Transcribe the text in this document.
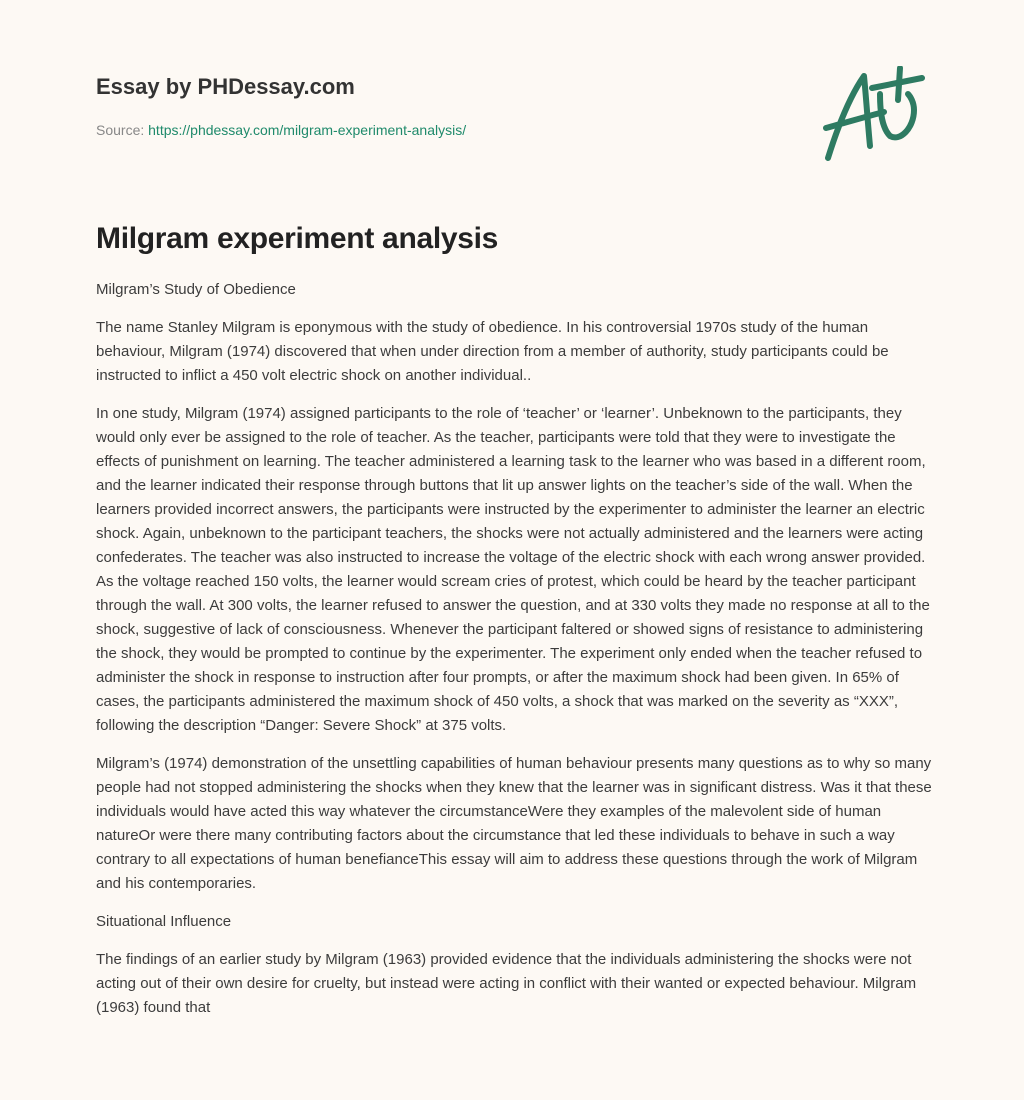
Essay by PHDessay.com
Source: https://phdessay.com/milgram-experiment-analysis/
Milgram experiment analysis

Milgram’s Study of Obedience

The name Stanley Milgram is eponymous with the study of obedience. In his controversial 1970s study of the human behaviour, Milgram (1974) discovered that when under direction from a member of authority, study participants could be instructed to inflict a 450 volt electric shock on another individual..

In one study, Milgram (1974) assigned participants to the role of ‘teacher’ or ‘learner’. Unbeknown to the participants, they would only ever be assigned to the role of teacher. As the teacher, participants were told that they were to investigate the effects of punishment on learning. The teacher administered a learning task to the learner who was based in a different room, and the learner indicated their response through buttons that lit up answer lights on the teacher’s side of the wall. When the learners provided incorrect answers, the participants were instructed by the experimenter to administer the learner an electric shock. Again, unbeknown to the participant teachers, the shocks were not actually administered and the learners were acting confederates. The teacher was also instructed to increase the voltage of the electric shock with each wrong answer provided. As the voltage reached 150 volts, the learner would scream cries of protest, which could be heard by the teacher participant through the wall. At 300 volts, the learner refused to answer the question, and at 330 volts they made no response at all to the shock, suggestive of lack of consciousness. Whenever the participant faltered or showed signs of resistance to administering the shock, they would be prompted to continue by the experimenter. The experiment only ended when the teacher refused to administer the shock in response to instruction after four prompts, or after the maximum shock had been given. In 65% of cases, the participants administered the maximum shock of 450 volts, a shock that was marked on the severity as “XXX”, following the description “Danger: Severe Shock” at 375 volts.

Milgram’s (1974) demonstration of the unsettling capabilities of human behaviour presents many questions as to why so many people had not stopped administering the shocks when they knew that the learner was in significant distress. Was it that these individuals would have acted this way whatever the circumstanceWere they examples of the malevolent side of human natureOr were there many contributing factors about the circumstance that led these individuals to behave in such a way contrary to all expectations of human benefianceThis essay will aim to address these questions through the work of Milgram and his contemporaries.

Situational Influence

The findings of an earlier study by Milgram (1963) provided evidence that the individuals administering the shocks were not acting out of their own desire for cruelty, but instead were acting in conflict with their wanted or expected behaviour. Milgram (1963) found that
